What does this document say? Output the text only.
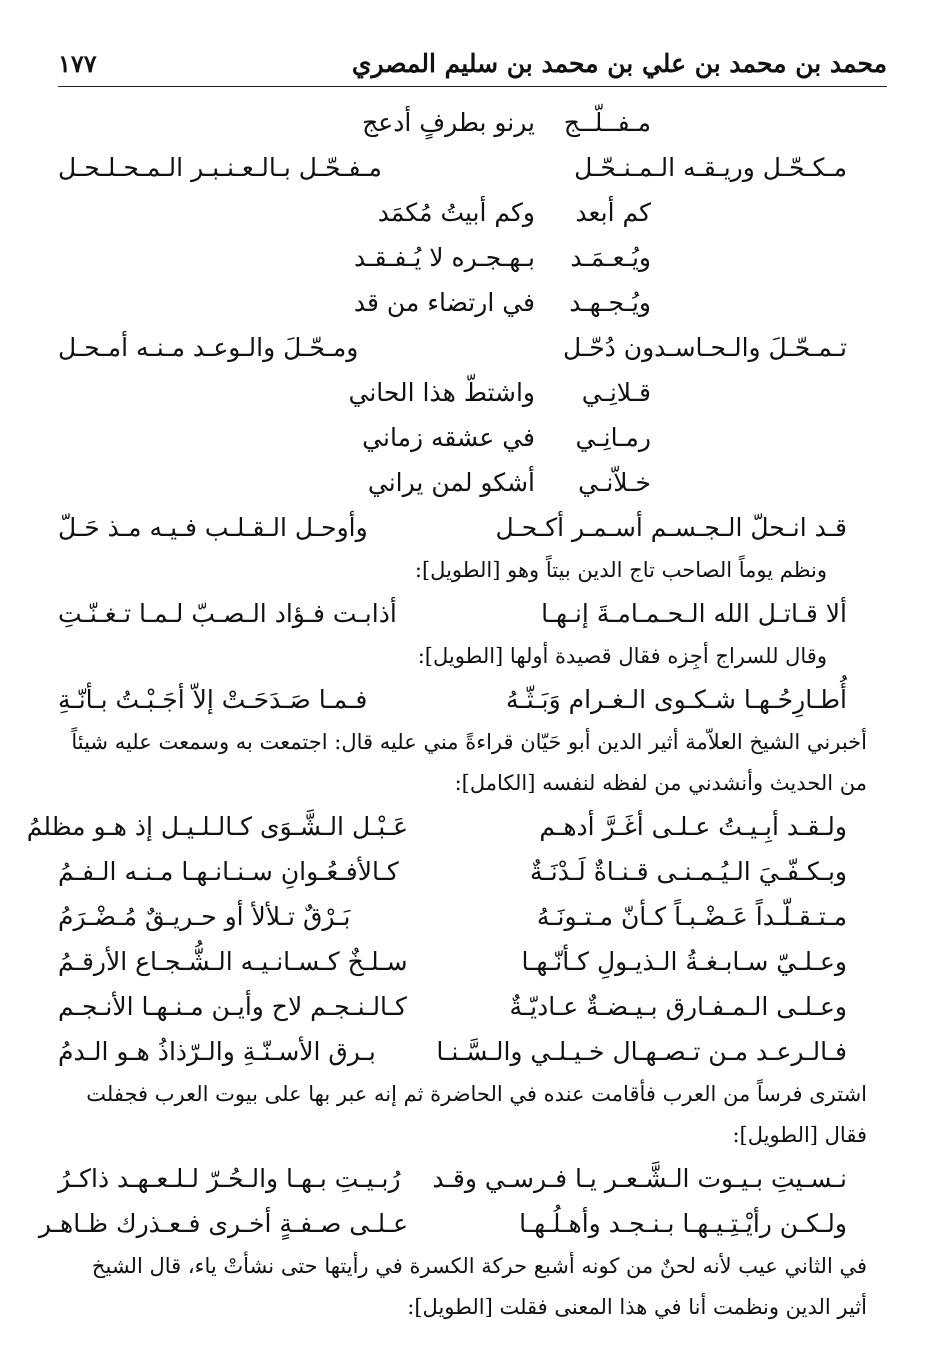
محمد بن محمد بن علي بن محمد بن سليم المصري
١٧٧
مـفــلّــج
يرنو بطرفٍ أدعج
مـكـحّـل وريـقـه الـمـنـحّـل
مـفـحّـل بـالـعـنـبـر الـمـحـلـحـل
كم أبعد
وكم أبيتُ مُكمَد
ويُـعـمَـد
بـهـجـره لا يُـفـقـد
ويُـجـهـد
في ارتضاء من قد
تـمـحّـلَ والـحـاسـدون دُحّـل
ومـحّـلَ والـوعـد مـنـه أمـحـل
قـلانِـي
واشتطّ هذا الحاني
رمـانِـي
في عشقه زماني
خـلاّنـي
أشكو لمن يراني
قـد انـحلّ الـجـسـم أسـمـر أكـحـل
وأوحـل الـقـلـب فـيـه مـذ حَـلّ
ونظم يوماً الصاحب تاج الدين بيتاً وهو [الطويل]:
ألا قـاتـل الله الـحـمـامـةَ إنـهـا
أذابـت فـؤاد الـصـبّ لـمـا تـغـنّـتِ
وقال للسراج أجِزه فقال قصيدة أولها [الطويل]:
أُطـارِحُـهـا شـكـوى الـغـرام وَبَـثّـهُ
فـمـا صَـدَحَـتْ إلاّ أجَـبْـتُ بـأنّـةِ
أخبرني الشيخ العلاّمة أثير الدين أبو حَيّان قراءةً مني عليه قال: اجتمعت به وسمعت عليه شيئاً من الحديث وأنشدني من لفظه لنفسه [الكامل]:
ولـقـد أبِـيـتُ عـلـى أغَـرَّ أدهـم
عَـبْـل الـشَّـوَى كـالـلـيـل إذ هـو مظلمُ
وبـكـفّـيَ الـيُـمـنـى قـنـاةٌ لَـدْنَـةٌ
كـالأفـعُـوانِ سـنـانـهـا مـنـه الـفـمُ
مـتـقـلّـداً عَـضْـبـاً كـأنّ مـتـونَـهُ
بَـرْقٌ تـلألأ أو حـريـقٌ مُـضْـرَمُ
وعـلـيّ سـابـغـةُ الـذيـولِ كـأنّـهـا
سـلـخٌ كـسـانـيـه الـشُّـجـاع الأرقـمُ
وعـلـى الـمـفـارق بـيـضـةٌ عـاديّـةٌ
كـالـنـجـم لاح وأيـن مـنـهـا الأنـجـم
فـالـرعـد مـن تـصـهـال خـيـلـي والـسَّـنـا
بـرق الأسـنّـةِ والـرّذاذُ هـو الـدمُ
اشترى فرساً من العرب فأقامت عنده في الحاضرة ثم إنه عبر بها على بيوت العرب فجفلت فقال [الطويل]:
نـسـيتِ بـيـوت الـشَّـعـر يـا فـرسـي وقـد
رُبـيـتِ بـهـا والـحُـرّ لـلـعـهـد ذاكـرُ
ولـكـن رأيْـتِـيـهـا بـنـجـد وأهـلُـهـا
عـلـى صـفـةٍ أخـرى فـعـذرك ظـاهـر
في الثاني عيب لأنه لحنٌ من كونه أشبع حركة الكسرة في رأيتها حتى نشأتْ ياء، قال الشيخ أثير الدين ونظمت أنا في هذا المعنى فقلت [الطويل]:
